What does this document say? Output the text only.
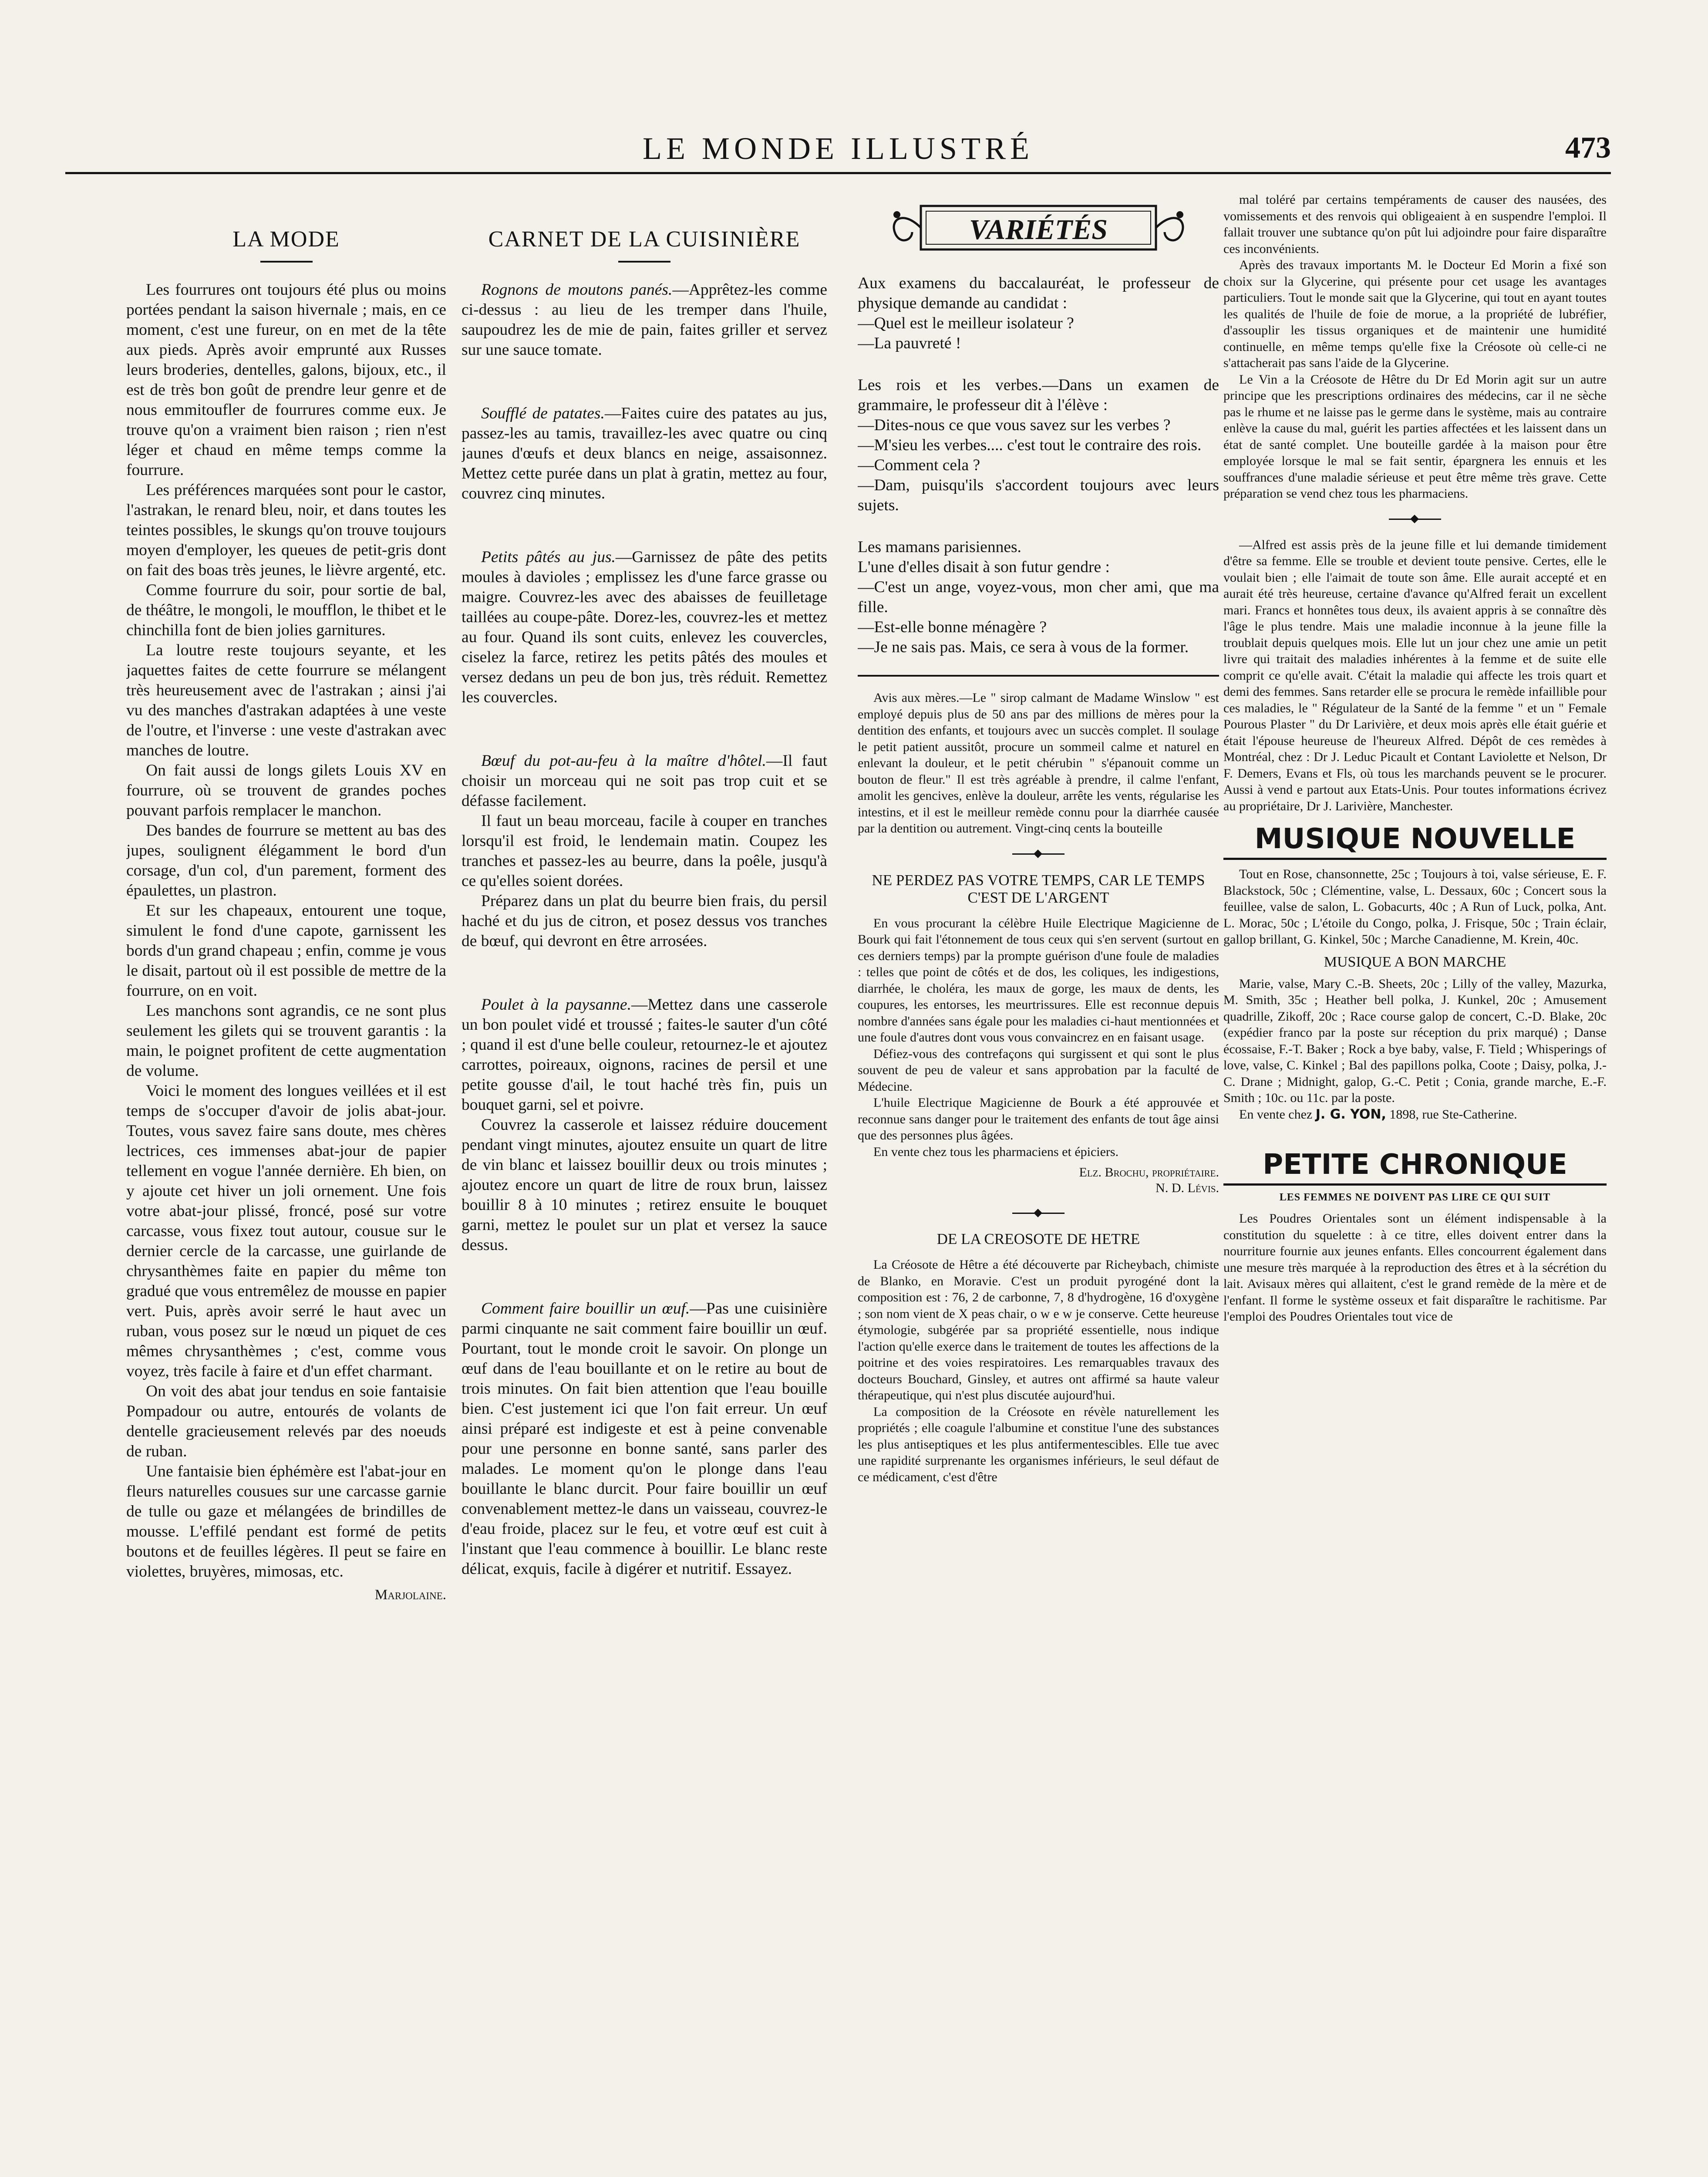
LE MONDE ILLUSTRÉ	473
LA MODE

Les fourrures ont toujours été plus ou moins portées pendant la saison hivernale ; mais, en ce moment, c'est une fureur, on en met de la tête aux pieds. Après avoir emprunté aux Russes leurs broderies, dentelles, galons, bijoux, etc., il est de très bon goût de prendre leur genre et de nous emmitoufler de fourrures comme eux. Je trouve qu'on a vraiment bien raison ; rien n'est léger et chaud en même temps comme la fourrure.

Les préférences marquées sont pour le castor, l'astrakan, le renard bleu, noir, et dans toutes les teintes possibles, le skungs qu'on trouve toujours moyen d'employer, les queues de petit-gris dont on fait des boas très jeunes, le lièvre argenté, etc.

Comme fourrure du soir, pour sortie de bal, de théâtre, le mongoli, le moufflon, le thibet et le chinchilla font de bien jolies garnitures.

La loutre reste toujours seyante, et les jaquettes faites de cette fourrure se mélangent très heureusement avec de l'astrakan ; ainsi j'ai vu des manches d'astrakan adaptées à une veste de l'outre, et l'inverse : une veste d'astrakan avec manches de loutre.

On fait aussi de longs gilets Louis XV en fourrure, où se trouvent de grandes poches pouvant parfois remplacer le manchon.

Des bandes de fourrure se mettent au bas des jupes, soulignent élégamment le bord d'un corsage, d'un col, d'un parement, forment des épaulettes, un plastron.

Et sur les chapeaux, entourent une toque, simulent le fond d'une capote, garnissent les bords d'un grand chapeau ; enfin, comme je vous le disait, partout où il est possible de mettre de la fourrure, on en voit.

Les manchons sont agrandis, ce ne sont plus seulement les gilets qui se trouvent garantis : la main, le poignet profitent de cette augmentation de volume.

Voici le moment des longues veillées et il est temps de s'occuper d'avoir de jolis abat-jour. Toutes, vous savez faire sans doute, mes chères lectrices, ces immenses abat-jour de papier tellement en vogue l'année dernière. Eh bien, on y ajoute cet hiver un joli ornement. Une fois votre abat-jour plissé, froncé, posé sur votre carcasse, vous fixez tout autour, cousue sur le dernier cercle de la carcasse, une guirlande de chrysanthèmes faite en papier du même ton gradué que vous entremêlez de mousse en papier vert. Puis, après avoir serré le haut avec un ruban, vous posez sur le nœud un piquet de ces mêmes chrysanthèmes ; c'est, comme vous voyez, très facile à faire et d'un effet charmant.

On voit des abat jour tendus en soie fantaisie Pompadour ou autre, entourés de volants de dentelle gracieusement relevés par des noeuds de ruban.

Une fantaisie bien éphémère est l'abat-jour en fleurs naturelles cousues sur une carcasse garnie de tulle ou gaze et mélangées de brindilles de mousse. L'effilé pendant est formé de petits boutons et de feuilles légères. Il peut se faire en violettes, bruyères, mimosas, etc.

Marjolaine.
CARNET DE LA CUISINIÈRE

Rognons de moutons panés.—Apprêtez-les comme ci-dessus : au lieu de les tremper dans l'huile, saupoudrez les de mie de pain, faites griller et servez sur une sauce tomate.

Soufflé de patates.—Faites cuire des patates au jus, passez-les au tamis, travaillez-les avec quatre ou cinq jaunes d'œufs et deux blancs en neige, assaisonnez. Mettez cette purée dans un plat à gratin, mettez au four, couvrez cinq minutes.

Petits pâtés au jus.—Garnissez de pâte des petits moules à davioles ; emplissez les d'une farce grasse ou maigre. Couvrez-les avec des abaisses de feuilletage taillées au coupe-pâte. Dorez-les, couvrez-les et mettez au four. Quand ils sont cuits, enlevez les couvercles, ciselez la farce, retirez les petits pâtés des moules et versez dedans un peu de bon jus, très réduit. Remettez les couvercles.

Bœuf du pot-au-feu à la maître d'hôtel.—Il faut choisir un morceau qui ne soit pas trop cuit et se défasse facilement.

Il faut un beau morceau, facile à couper en tranches lorsqu'il est froid, le lendemain matin. Coupez les tranches et passez-les au beurre, dans la poêle, jusqu'à ce qu'elles soient dorées.

Préparez dans un plat du beurre bien frais, du persil haché et du jus de citron, et posez dessus vos tranches de bœuf, qui devront en être arrosées.

Poulet à la paysanne.—Mettez dans une casserole un bon poulet vidé et troussé ; faites-le sauter d'un côté ; quand il est d'une belle couleur, retournez-le et ajoutez carrottes, poireaux, oignons, racines de persil et une petite gousse d'ail, le tout haché très fin, puis un bouquet garni, sel et poivre.

Couvrez la casserole et laissez réduire doucement pendant vingt minutes, ajoutez ensuite un quart de litre de vin blanc et laissez bouillir deux ou trois minutes ; ajoutez encore un quart de litre de roux brun, laissez bouillir 8 à 10 minutes ; retirez ensuite le bouquet garni, mettez le poulet sur un plat et versez la sauce dessus.

Comment faire bouillir un œuf.—Pas une cuisinière parmi cinquante ne sait comment faire bouillir un œuf. Pourtant, tout le monde croit le savoir. On plonge un œuf dans de l'eau bouillante et on le retire au bout de trois minutes. On fait bien attention que l'eau bouille bien. C'est justement ici que l'on fait erreur. Un œuf ainsi préparé est indigeste et est à peine convenable pour une personne en bonne santé, sans parler des malades. Le moment qu'on le plonge dans l'eau bouillante le blanc durcit. Pour faire bouillir un œuf convenablement mettez-le dans un vaisseau, couvrez-le d'eau froide, placez sur le feu, et votre œuf est cuit à l'instant que l'eau commence à bouillir. Le blanc reste délicat, exquis, facile à digérer et nutritif. Essayez.

VARIÉTÉS

Aux examens du baccalauréat, le professeur de physique demande au candidat :

—Quel est le meilleur isolateur ?

—La pauvreté !

Les rois et les verbes.—Dans un examen de grammaire, le professeur dit à l'élève :

—Dites-nous ce que vous savez sur les verbes ?

—M'sieu les verbes.... c'est tout le contraire des rois.

—Comment cela ?

—Dam, puisqu'ils s'accordent toujours avec leurs sujets.

Les mamans parisiennes.

L'une d'elles disait à son futur gendre :

—C'est un ange, voyez-vous, mon cher ami, que ma fille.

—Est-elle bonne ménagère ?

—Je ne sais pas. Mais, ce sera à vous de la former.

Avis aux mères.—Le " sirop calmant de Madame Winslow " est employé depuis plus de 50 ans par des millions de mères pour la dentition des enfants, et toujours avec un succès complet. Il soulage le petit patient aussitôt, procure un sommeil calme et naturel en enlevant la douleur, et le petit chérubin " s'épanouit comme un bouton de fleur." Il est très agréable à prendre, il calme l'enfant, amolit les gencives, enlève la douleur, arrête les vents, régularise les intestins, et il est le meilleur remède connu pour la diarrhée causée par la dentition ou autrement. Vingt-cinq cents la bouteille

NE PERDEZ PAS VOTRE TEMPS, CAR LE TEMPS C'EST DE L'ARGENT

En vous procurant la célèbre Huile Electrique Magicienne de Bourk qui fait l'étonnement de tous ceux qui s'en servent (surtout en ces derniers temps) par la prompte guérison d'une foule de maladies : telles que point de côtés et de dos, les coliques, les indigestions, diarrhée, le choléra, les maux de gorge, les maux de dents, les coupures, les entorses, les meurtrissures. Elle est reconnue depuis nombre d'années sans égale pour les maladies ci-haut mentionnées et une foule d'autres dont vous vous convaincrez en en faisant usage.

Défiez-vous des contrefaçons qui surgissent et qui sont le plus souvent de peu de valeur et sans approbation par la faculté de Médecine.

L'huile Electrique Magicienne de Bourk a été approuvée et reconnue sans danger pour le traitement des enfants de tout âge ainsi que des personnes plus âgées.

En vente chez tous les pharmaciens et épiciers.

Elz. Brochu, propriétaire.
N. D. Lévis.
DE LA CREOSOTE DE HETRE

La Créosote de Hêtre a été découverte par Richeybach, chimiste de Blanko, en Moravie. C'est un produit pyrogéné dont la composition est : 76, 2 de carbonne, 7, 8 d'hydrogène, 16 d'oxygène ; son nom vient de X peas chair, o w e w je conserve. Cette heureuse étymologie, subgérée par sa propriété essentielle, nous indique l'action qu'elle exerce dans le traitement de toutes les affections de la poitrine et des voies respiratoires. Les remarquables travaux des docteurs Bouchard, Ginsley, et autres ont affirmé sa haute valeur thérapeutique, qui n'est plus discutée aujourd'hui.

La composition de la Créosote en révèle naturellement les propriétés ; elle coagule l'albumine et constitue l'une des substances les plus antiseptiques et les plus antifermentescibles. Elle tue avec une rapidité surprenante les organismes inférieurs, le seul défaut de ce médicament, c'est d'être

mal toléré par certains tempéraments de causer des nausées, des vomissements et des renvois qui obligeaient à en suspendre l'emploi. Il fallait trouver une subtance qu'on pût lui adjoindre pour faire disparaître ces inconvénients.

Après des travaux importants M. le Docteur Ed Morin a fixé son choix sur la Glycerine, qui présente pour cet usage les avantages particuliers. Tout le monde sait que la Glycerine, qui tout en ayant toutes les qualités de l'huile de foie de morue, a la propriété de lubréfier, d'assouplir les tissus organiques et de maintenir une humidité continuelle, en même temps qu'elle fixe la Créosote où celle-ci ne s'attacherait pas sans l'aide de la Glycerine.

Le Vin a la Créosote de Hêtre du Dr Ed Morin agit sur un autre principe que les prescriptions ordinaires des médecins, car il ne sèche pas le rhume et ne laisse pas le germe dans le système, mais au contraire enlève la cause du mal, guérit les parties affectées et les laissent dans un état de santé complet. Une bouteille gardée à la maison pour être employée lorsque le mal se fait sentir, épargnera les ennuis et les souffrances d'une maladie sérieuse et peut être même très grave. Cette préparation se vend chez tous les pharmaciens.

—Alfred est assis près de la jeune fille et lui demande timidement d'être sa femme. Elle se trouble et devient toute pensive. Certes, elle le voulait bien ; elle l'aimait de toute son âme. Elle aurait accepté et en aurait été très heureuse, certaine d'avance qu'Alfred ferait un excellent mari. Francs et honnêtes tous deux, ils avaient appris à se connaître dès l'âge le plus tendre. Mais une maladie inconnue à la jeune fille la troublait depuis quelques mois. Elle lut un jour chez une amie un petit livre qui traitait des maladies inhérentes à la femme et de suite elle comprit ce qu'elle avait. C'était la maladie qui affecte les trois quart et demi des femmes. Sans retarder elle se procura le remède infaillible pour ces maladies, le " Régulateur de la Santé de la femme " et un " Female Pourous Plaster " du Dr Larivière, et deux mois après elle était guérie et était l'épouse heureuse de l'heureux Alfred. Dépôt de ces remèdes à Montréal, chez : Dr J. Leduc Picault et Contant Laviolette et Nelson, Dr F. Demers, Evans et Fls, où tous les marchands peuvent se le procurer. Aussi à vend e partout aux Etats-Unis. Pour toutes informations écrivez au propriétaire, Dr J. Larivière, Manchester.

MUSIQUE NOUVELLE

Tout en Rose, chansonnette, 25c ; Toujours à toi, valse sérieuse, E. F. Blackstock, 50c ; Clémentine, valse, L. Dessaux, 60c ; Concert sous la feuillee, valse de salon, L. Gobacurts, 40c ; A Run of Luck, polka, Ant. L. Morac, 50c ; L'étoile du Congo, polka, J. Frisque, 50c ; Train éclair, gallop brillant, G. Kinkel, 50c ; Marche Canadienne, M. Krein, 40c.

MUSIQUE A BON MARCHE

Marie, valse, Mary C.-B. Sheets, 20c ; Lilly of the valley, Mazurka, M. Smith, 35c ; Heather bell polka, J. Kunkel, 20c ; Amusement quadrille, Zikoff, 20c ; Race course galop de concert, C.-D. Blake, 20c (expédier franco par la poste sur réception du prix marqué) ; Danse écossaise, F.-T. Baker ; Rock a bye baby, valse, F. Tield ; Whisperings of love, valse, C. Kinkel ; Bal des papillons polka, Coote ; Daisy, polka, J.-C. Drane ; Midnight, galop, G.-C. Petit ; Conia, grande marche, E.-F. Smith ; 10c. ou 11c. par la poste.

En vente chez J. G. YON, 1898, rue Ste-Catherine.

PETITE CHRONIQUE
LES FEMMES NE DOIVENT PAS LIRE CE QUI SUIT

Les Poudres Orientales sont un élément indispensable à la constitution du squelette : à ce titre, elles doivent entrer dans la nourriture fournie aux jeunes enfants. Elles concourrent également dans une mesure très marquée à la reproduction des êtres et à la sécrétion du lait. Avisaux mères qui allaitent, c'est le grand remède de la mère et de l'enfant. Il forme le système osseux et fait disparaître le rachitisme. Par l'emploi des Poudres Orientales tout vice de
